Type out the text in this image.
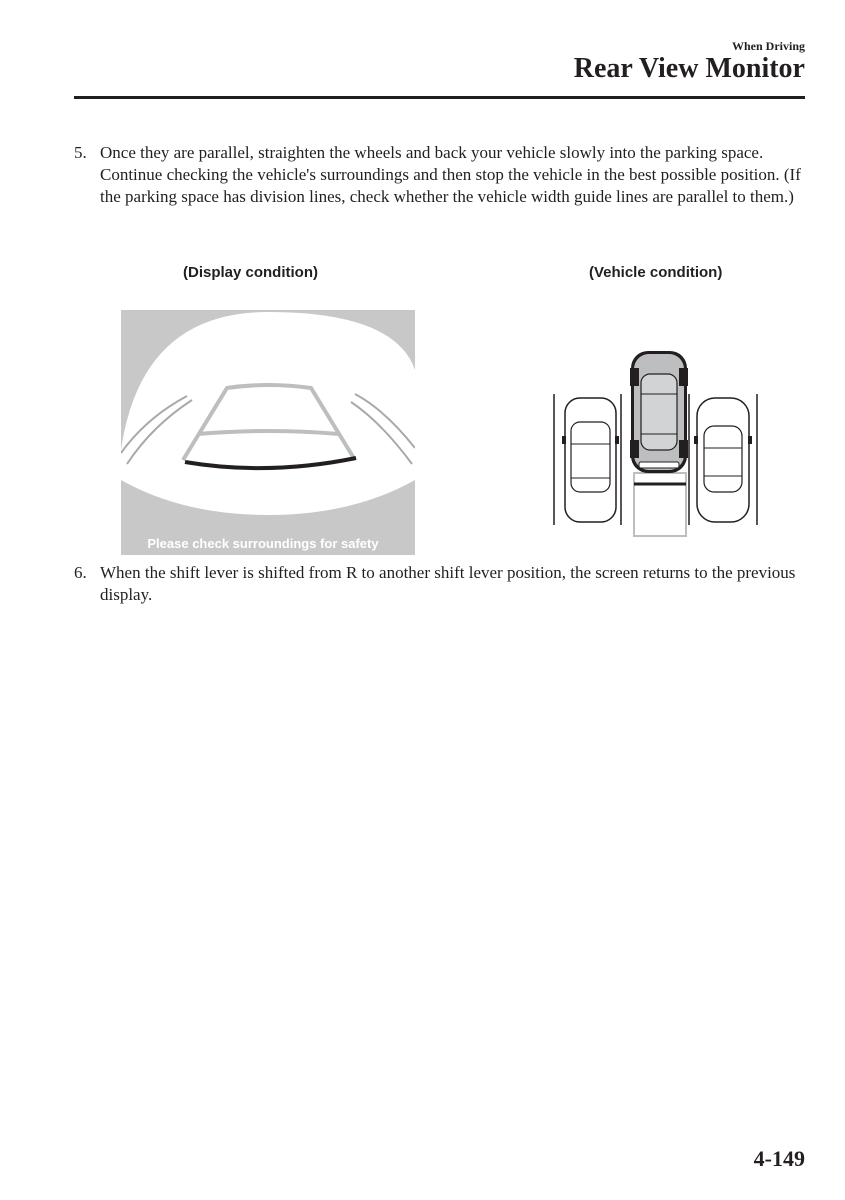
When Driving
Rear View Monitor
5. Once they are parallel, straighten the wheels and back your vehicle slowly into the parking space. Continue checking the vehicle's surroundings and then stop the vehicle in the best possible position. (If the parking space has division lines, check whether the vehicle width guide lines are parallel to them.)
(Display condition)	(Vehicle condition)
Please check surroundings for safety
6. When the shift lever is shifted from R to another shift lever position, the screen returns to the previous display.
4-149
